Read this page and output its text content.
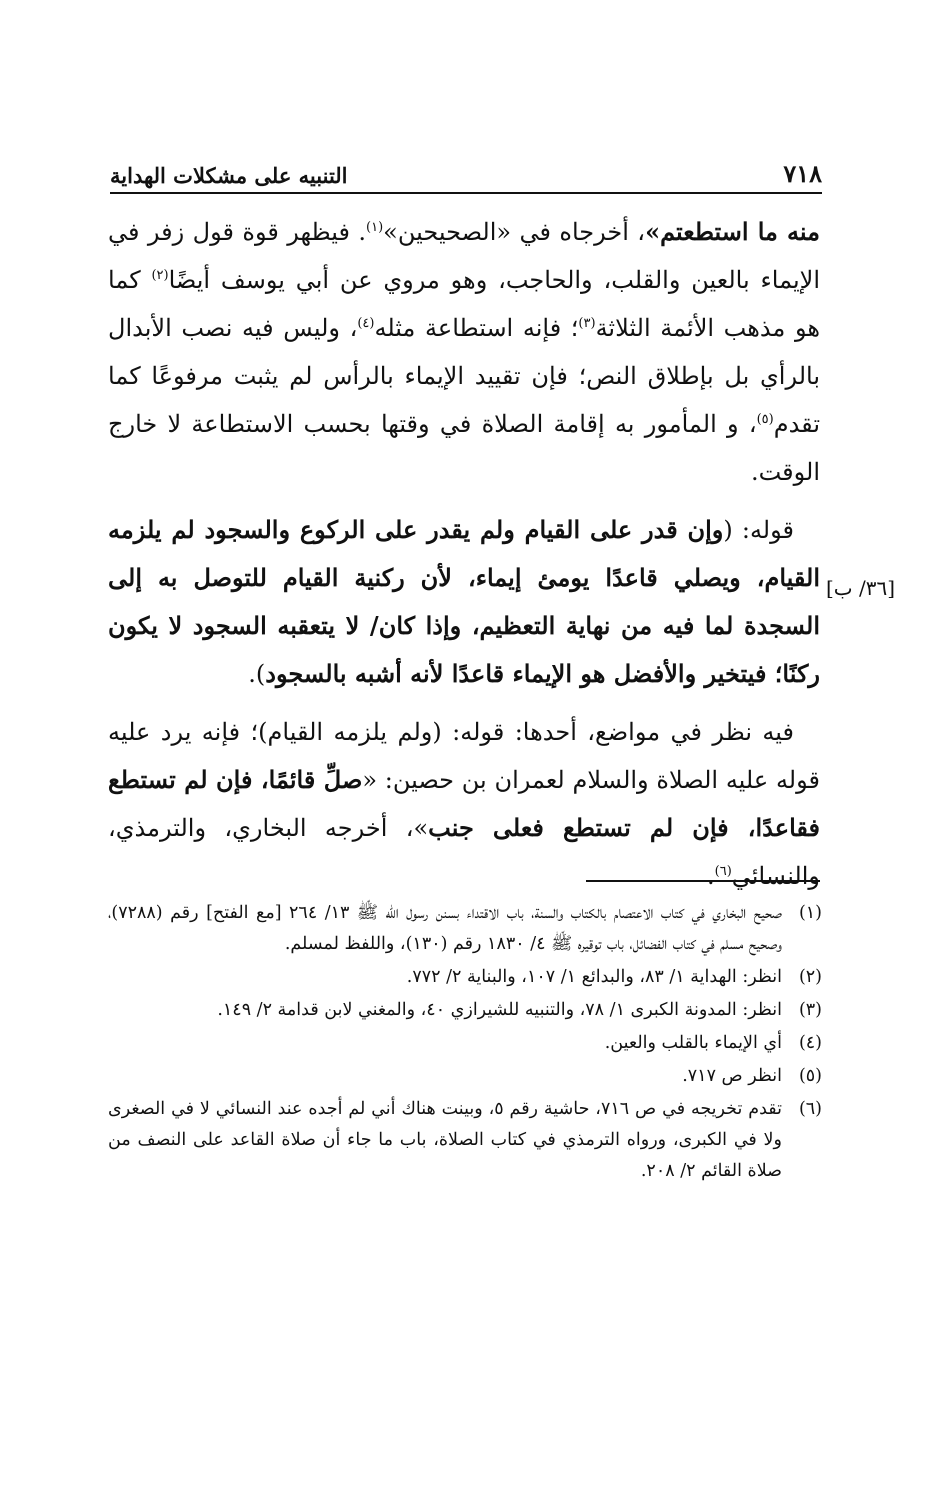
٧١٨
التنبيه على مشكلات الهداية

منه ما استطعتم»، أخرجاه في «الصحيحين»$^{(١)}$. فيظهر قوة قول زفر في الإيماء بالعين والقلب، والحاجب، وهو مروي عن أبي يوسف أيضًا$^{(٢)}$ كما هو مذهب الأئمة الثلاثة$^{(٣)}$؛ فإنه استطاعة مثله$^{(٤)}$، وليس فيه نصب الأبدال بالرأي بل بإطلاق النص؛ فإن تقييد الإيماء بالرأس لم يثبت مرفوعًا كما تقدم$^{(٥)}$، و المأمور به إقامة الصلاة في وقتها بحسب الاستطاعة لا خارج الوقت.

قوله: (وإن قدر على القيام ولم يقدر على الركوع والسجود لم يلزمه القيام، ويصلي قاعدًا يومئ إيماء، لأن ركنية القيام للتوصل به إلى السجدة لما فيه من نهاية التعظيم، وإذا كان/ لا يتعقبه السجود لا يكون ركنًا؛ فيتخير والأفضل هو الإيماء قاعدًا لأنه أشبه بالسجود).

فيه نظر في مواضع، أحدها: قوله: (ولم يلزمه القيام)؛ فإنه يرد عليه قوله عليه الصلاة والسلام لعمران بن حصين: «صلِّ قائمًا، فإن لم تستطع فقاعدًا، فإن لم تستطع فعلى جنب»، أخرجه البخاري، والترمذي، والنسائي$^{(٦)}$.

[٣٦/ ب]
(١)
صحيح البخاري في كتاب الاعتصام بالكتاب والسنة، باب الاقتداء بسنن رسول الله ﷺ ١٣/ ٢٦٤ [مع الفتح] رقم (٧٢٨٨)، وصحيح مسلم في كتاب الفضائل، باب توقيره ﷺ ٤/ ١٨٣٠ رقم (١٣٠)، واللفظ لمسلم.
(٢)
انظر: الهداية ١/ ٨٣، والبدائع ١/ ١٠٧، والبناية ٢/ ٧٧٢.
(٣)
انظر: المدونة الكبرى ١/ ٧٨، والتنبيه للشيرازي ٤٠، والمغني لابن قدامة ٢/ ١٤٩.
(٤)
أي الإيماء بالقلب والعين.
(٥)
انظر ص ٧١٧.
(٦)
تقدم تخريجه في ص ٧١٦، حاشية رقم ٥، وبينت هناك أني لم أجده عند النسائي لا في الصغرى ولا في الكبرى، ورواه الترمذي في كتاب الصلاة، باب ما جاء أن صلاة القاعد على النصف من صلاة القائم ٢/ ٢٠٨.
